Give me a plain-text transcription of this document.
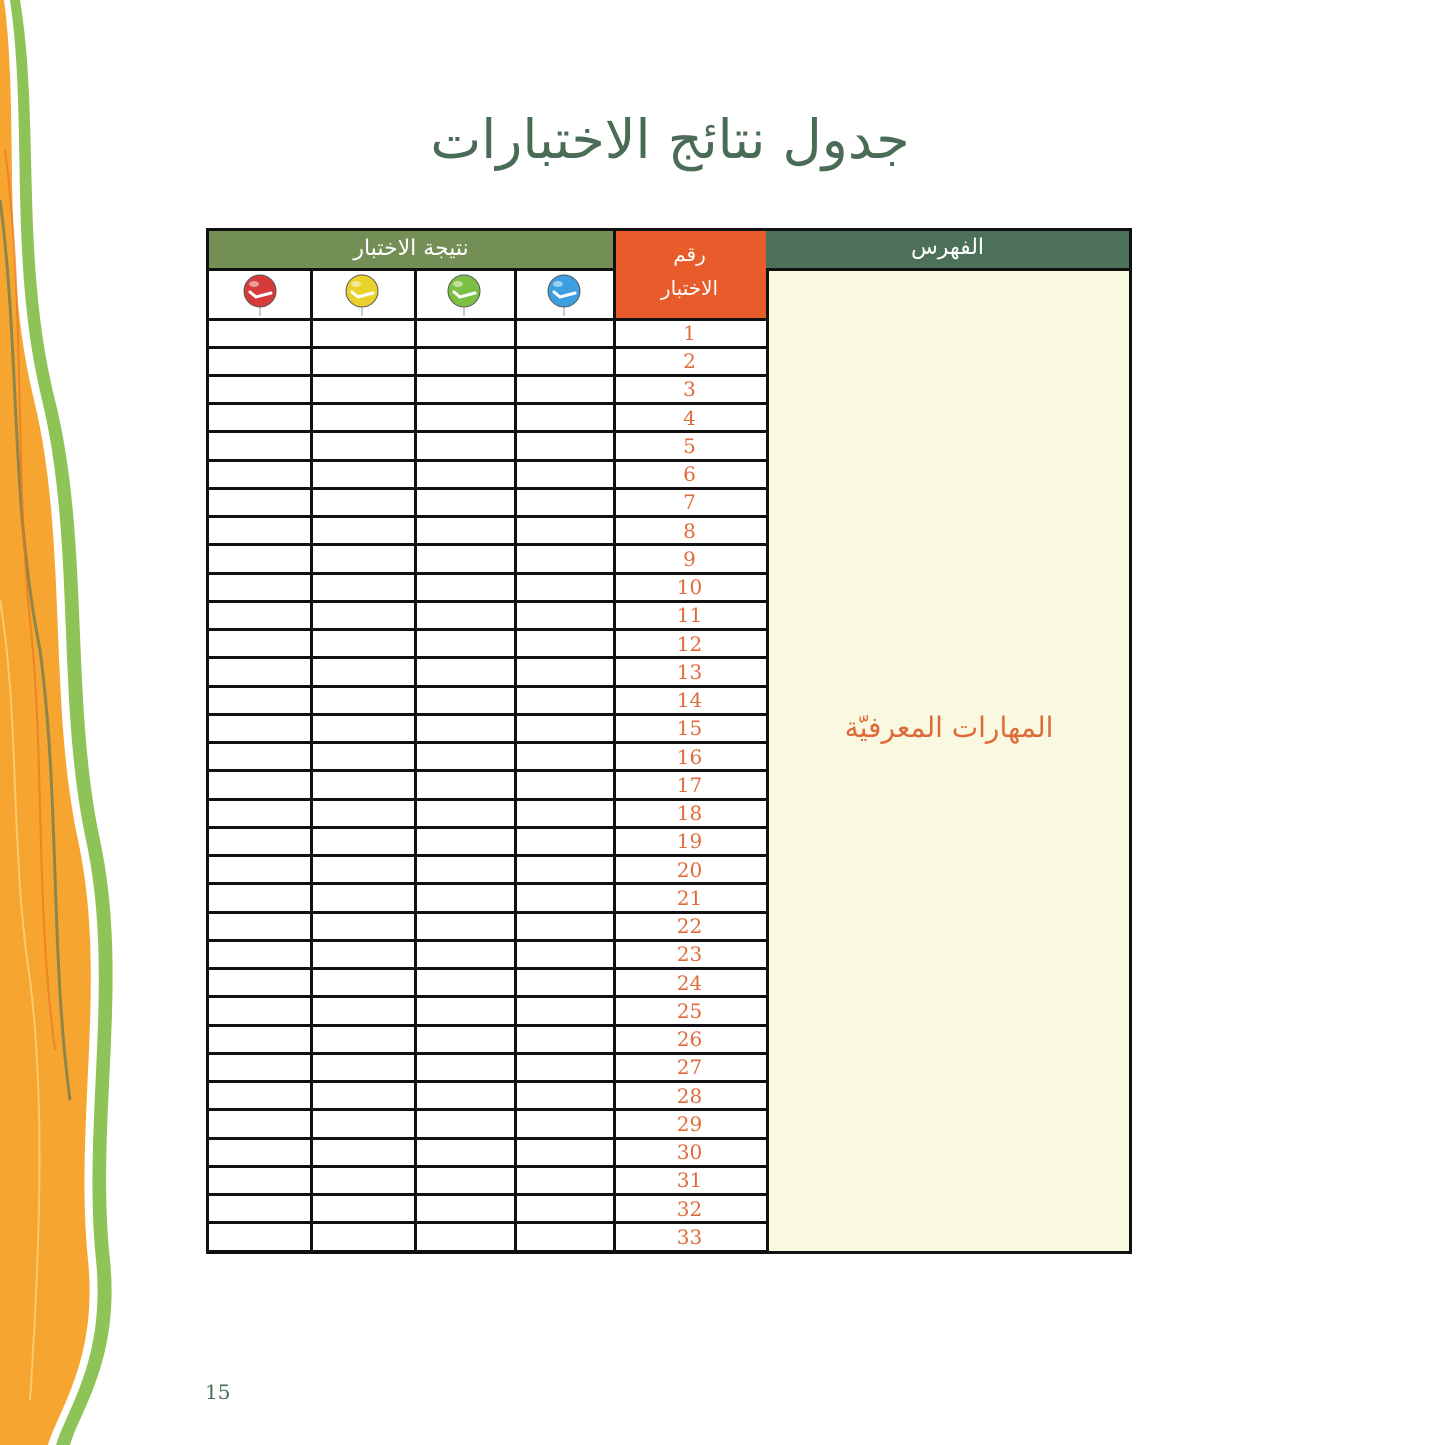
جدول نتائج الاختبارات
نتيجة الاختبار	رقم
الاختبار
الفهرس
المهارات المعرفيّة
1
2
3
4
5
6
7
8
9
10
11
12
13
14
15
16
17
18
19
20
21
22
23
24
25
26
27
28
29
30
31
32
33
15
